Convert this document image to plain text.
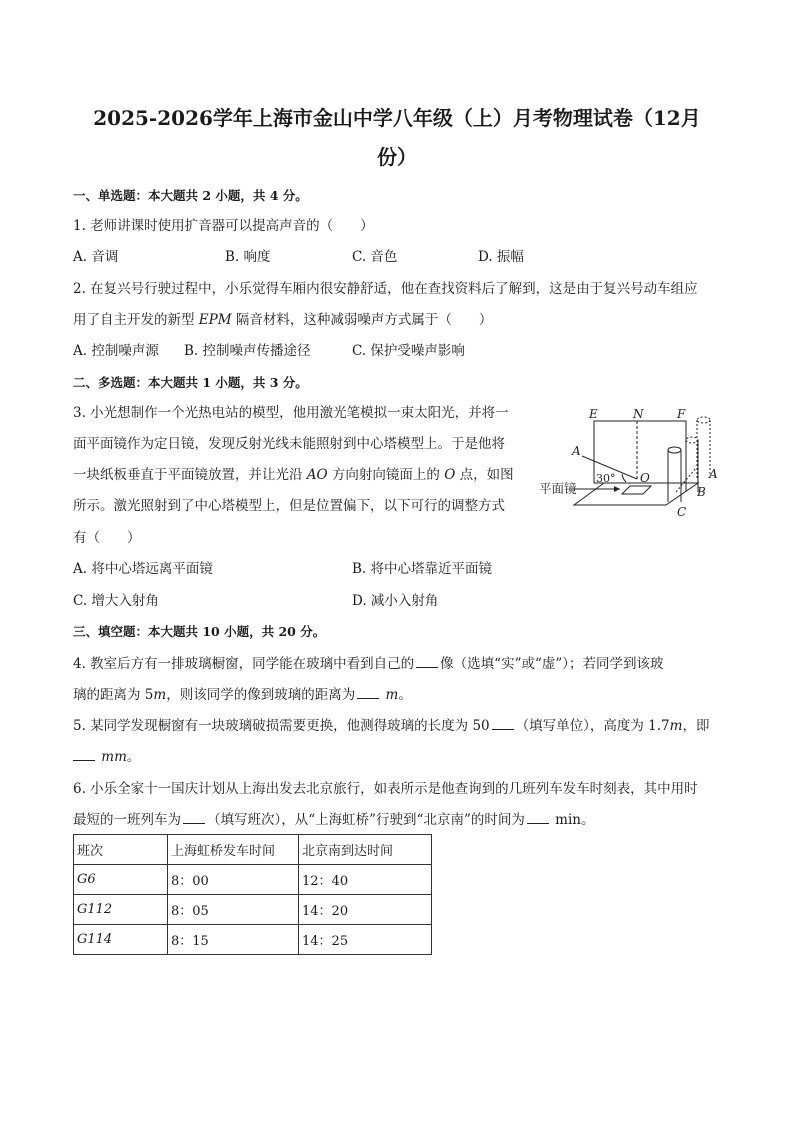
2025-2026学年上海市金山中学八年级（上）月考物理试卷（12月
份）
一、单选题：本大题共 2 小题，共 4 分。
1. 老师讲课时使用扩音器可以提高声音的（　　）
A. 音调	B. 响度	C. 音色	D. 振幅
2. 在复兴号行驶过程中，小乐觉得车厢内很安静舒适，他在查找资料后了解到，这是由于复兴号动车组应
用了自主开发的新型 EPM 隔音材料，这种减弱噪声方式属于（　　）
A. 控制噪声源 B. 控制噪声传播途径	C. 保护受噪声影响
二、多选题：本大题共 1 小题，共 3 分。
3. 小光想制作一个光热电站的模型，他用激光笔模拟一束太阳光，并将一
面平面镜作为定日镜，发现反射光线未能照射到中心塔模型上。于是他将
一块纸板垂直于平面镜放置，并让光沿 AO 方向射向镜面上的 O 点，如图
所示。激光照射到了中心塔模型上，但是位置偏下，以下可行的调整方式
有（　　）
A. 将中心塔远离平面镜	B. 将中心塔靠近平面镜
C. 增大入射角	D. 减小入射角
E	N	F
A
O	A
B
C
30°
平面镜
三、填空题：本大题共 10 小题，共 20 分。
4. 教室后方有一排玻璃橱窗，同学能在玻璃中看到自己的 像（选填“实”或“虚”）；若同学到该玻
璃的距离为 5m，则该同学的像到玻璃的距离为 m。
5. 某同学发现橱窗有一块玻璃破损需要更换，他测得玻璃的长度为 50 （填写单位），高度为 1.7m，即
mm。
6. 小乐全家十一国庆计划从上海出发去北京旅行，如表所示是他查询到的几班列车发车时刻表，其中用时
最短的一班列车为 （填写班次），从“上海虹桥”行驶到“北京南”的时间为 min。
班次	上海虹桥发车时间	北京南到达时间
G6	8：00	12：40
G112	8：05	14：20
G114	8：15	14：25
